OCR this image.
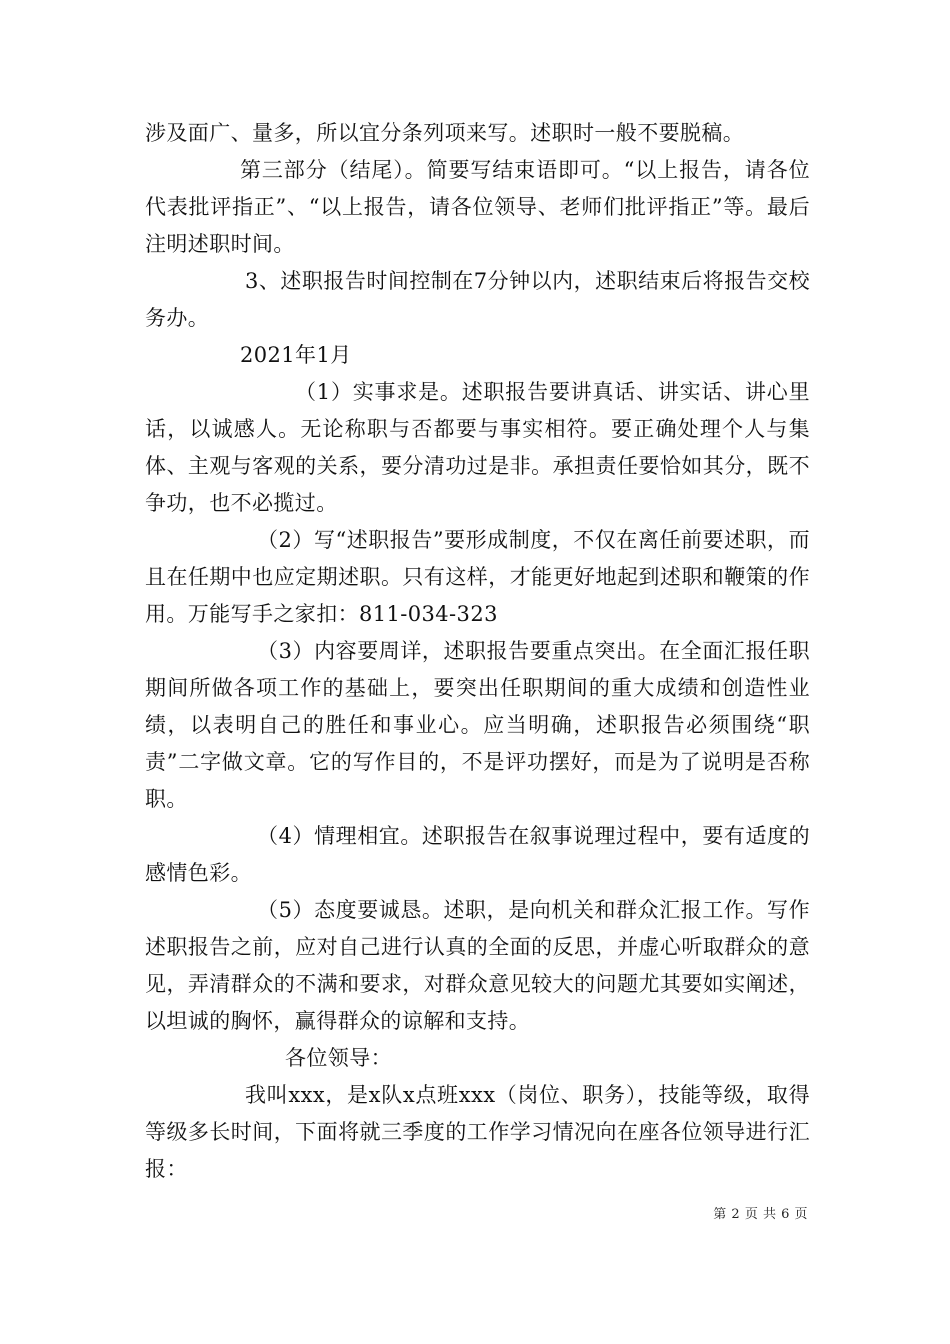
涉及面广、量多，所以宜分条列项来写。述职时一般不要脱稿。

第三部分（结尾）。简要写结束语即可。“以上报告，请各位代表批评指正”、“以上报告，请各位领导、老师们批评指正”等。最后注明述职时间。

3、述职报告时间控制在7分钟以内，述职结束后将报告交校务办。

2021年1月

（1）实事求是。述职报告要讲真话、讲实话、讲心里话，以诚感人。无论称职与否都要与事实相符。要正确处理个人与集体、主观与客观的关系，要分清功过是非。承担责任要恰如其分，既不争功，也不必揽过。

（2）写“述职报告”要形成制度，不仅在离任前要述职，而且在任期中也应定期述职。只有这样，才能更好地起到述职和鞭策的作用。万能写手之家扣：811-034-323

（3）内容要周详，述职报告要重点突出。在全面汇报任职期间所做各项工作的基础上，要突出任职期间的重大成绩和创造性业绩，以表明自己的胜任和事业心。应当明确，述职报告必须围绕“职责”二字做文章。它的写作目的，不是评功摆好，而是为了说明是否称职。

（4）情理相宜。述职报告在叙事说理过程中，要有适度的感情色彩。

（5）态度要诚恳。述职，是向机关和群众汇报工作。写作述职报告之前，应对自己进行认真的全面的反思，并虚心听取群众的意见，弄清群众的不满和要求，对群众意见较大的问题尤其要如实阐述，以坦诚的胸怀，赢得群众的谅解和支持。

各位领导：

我叫xxx，是x队x点班xxx（岗位、职务），技能等级，取得等级多长时间，下面将就三季度的工作学习情况向在座各位领导进行汇报：

第 2 页 共 6 页
